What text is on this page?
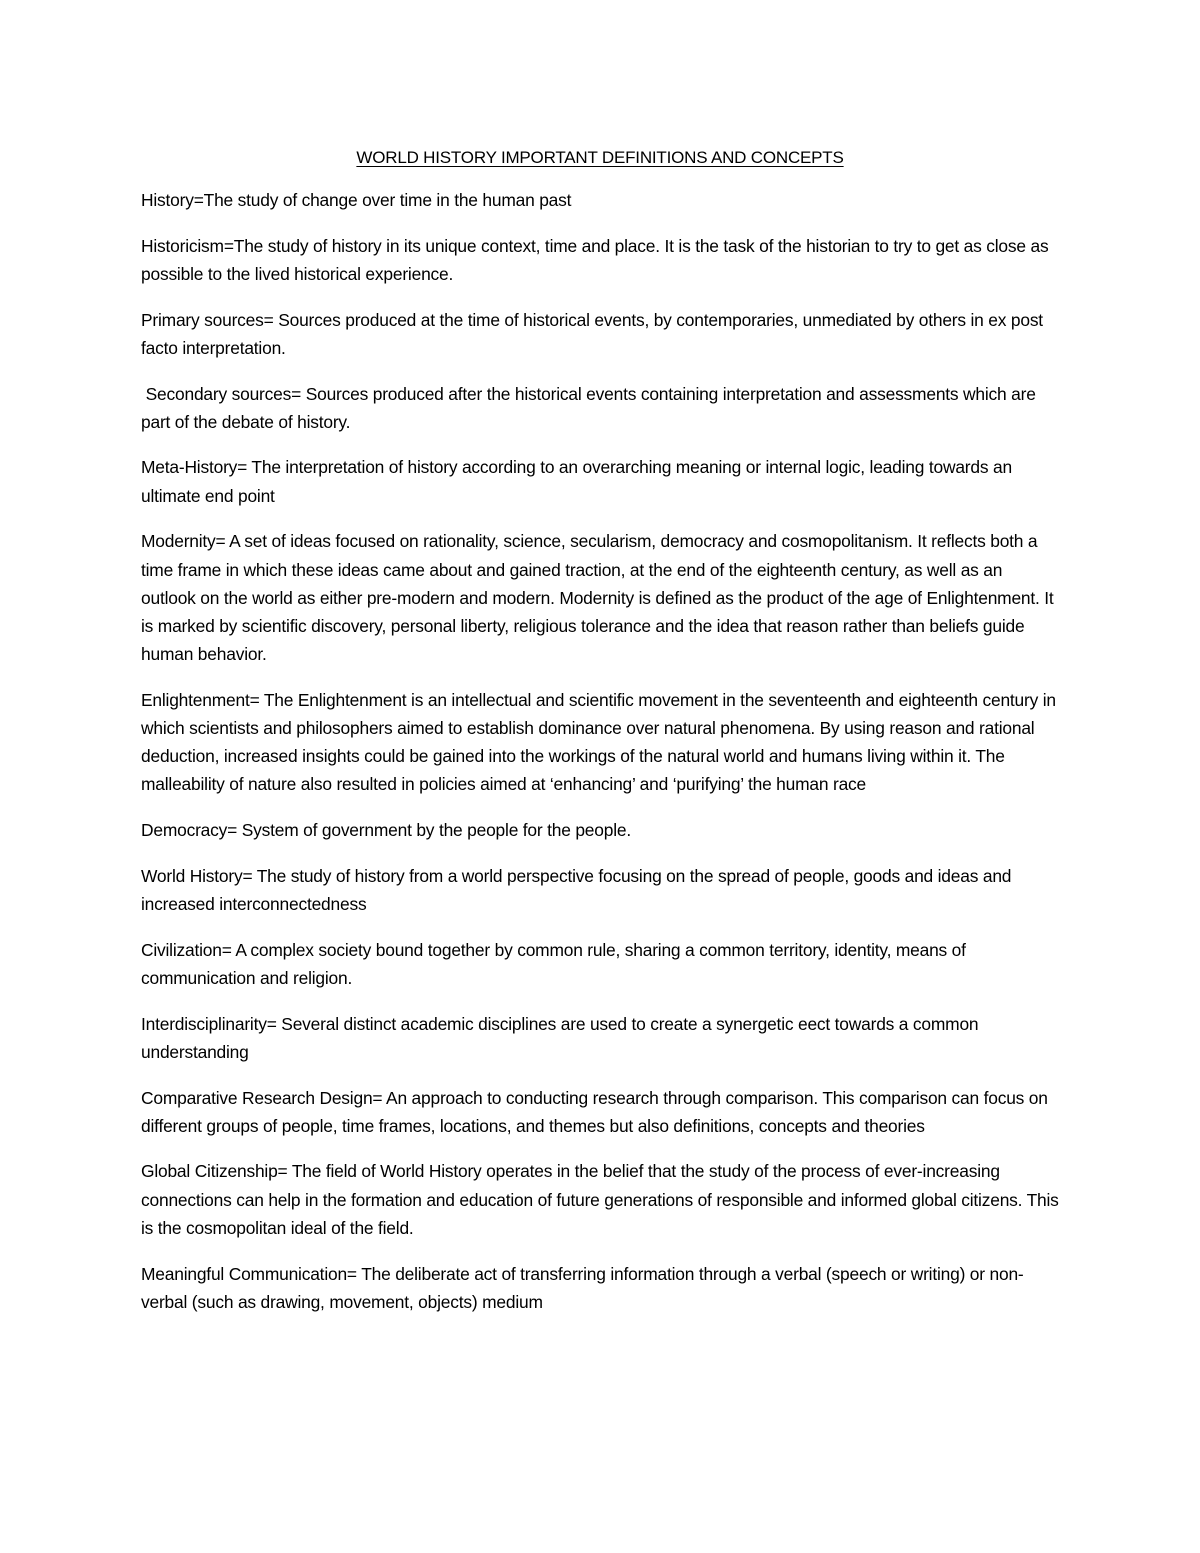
WORLD HISTORY IMPORTANT DEFINITIONS AND CONCEPTS

History=The study of change over time in the human past

Historicism=The study of history in its unique context, time and place. It is the task of the historian to try to get as close as possible to the lived historical experience.

Primary sources= Sources produced at the time of historical events, by contemporaries, unmediated by others in ex post facto interpretation.

Secondary sources= Sources produced after the historical events containing interpretation and assessments which are part of the debate of history.

Meta-History= The interpretation of history according to an overarching meaning or internal logic, leading towards an ultimate end point

Modernity= A set of ideas focused on rationality, science, secularism, democracy and cosmopolitanism. It reflects both a time frame in which these ideas came about and gained traction, at the end of the eighteenth century, as well as an outlook on the world as either pre-modern and modern. Modernity is defined as the product of the age of Enlightenment. It is marked by scientific discovery, personal liberty, religious tolerance and the idea that reason rather than beliefs guide human behavior.

Enlightenment= The Enlightenment is an intellectual and scientific movement in the seventeenth and eighteenth century in which scientists and philosophers aimed to establish dominance over natural phenomena. By using reason and rational deduction, increased insights could be gained into the workings of the natural world and humans living within it. The malleability of nature also resulted in policies aimed at ‘enhancing’ and ‘purifying’ the human race

Democracy= System of government by the people for the people.

World History= The study of history from a world perspective focusing on the spread of people, goods and ideas and increased interconnectedness

Civilization= A complex society bound together by common rule, sharing a common territory, identity, means of communication and religion.

Interdisciplinarity= Several distinct academic disciplines are used to create a synergetic eect towards a common understanding

Comparative Research Design= An approach to conducting research through comparison. This comparison can focus on different groups of people, time frames, locations, and themes but also definitions, concepts and theories

Global Citizenship= The field of World History operates in the belief that the study of the process of ever-increasing connections can help in the formation and education of future generations of responsible and informed global citizens. This is the cosmopolitan ideal of the field.

Meaningful Communication= The deliberate act of transferring information through a verbal (speech or writing) or non-verbal (such as drawing, movement, objects) medium
